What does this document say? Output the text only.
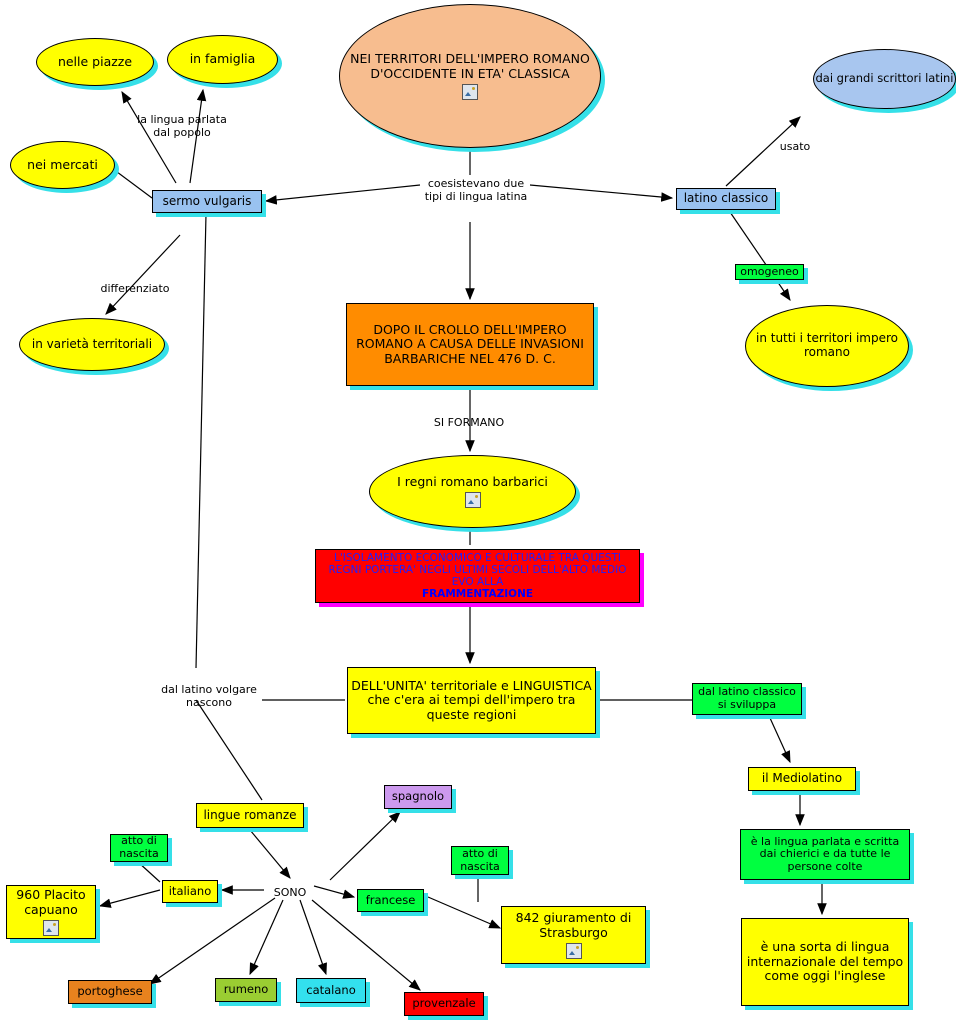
NEI TERRITORI DELL'IMPERO ROMANO D'OCCIDENTE IN ETA' CLASSICA
nelle piazze	in famiglia
nei mercati
sermo vulgaris
in varietà territoriali
latino classico
dai grandi scrittori latini
omogeneo
in tutti i territori impero romano
DOPO IL CROLLO DELL'IMPERO ROMANO A CAUSA DELLE INVASIONI BARBARICHE NEL 476 D. C.
I regni romano barbarici
L'ISOLAMENTO ECONOMICO E CULTURALE TRA QUESTI REGNI PORTERA' NEGLI ULTIMI SECOLI DELL'ALTO MEDIO EVO ALLA
FRAMMENTAZIONE
DELL'UNITA' territoriale e LINGUISTICA che c'era ai tempi dell'impero tra queste regioni
dal latino classico si sviluppa
il Mediolatino
è la lingua parlata e scritta dai chierici e da tutte le persone colte
è una sorta di lingua internazionale del tempo come oggi l'inglese
lingue romanze
spagnolo
atto di nascita
italiano
960 Placito capuano
francese
atto di nascita
842 giuramento di Strasburgo
portoghese	rumeno	catalano
provenzale
la lingua parlata dal popolo
coesistevano due tipi di lingua latina
usato
differenziato
SI FORMANO
dal latino volgare nascono
SONO
